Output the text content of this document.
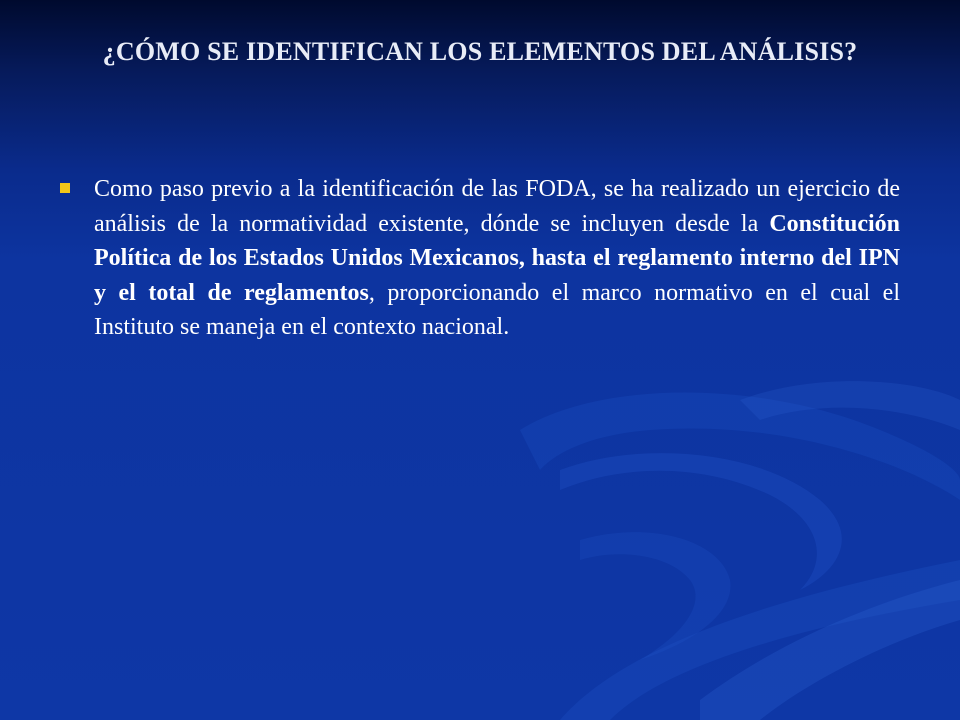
¿CÓMO SE IDENTIFICAN LOS ELEMENTOS DEL ANÁLISIS?

Como paso previo a la identificación de las FODA, se ha realizado un ejercicio de análisis de la normatividad existente, dónde se incluyen desde la Constitución Política de los Estados Unidos Mexicanos, hasta el reglamento interno del IPN y el total de reglamentos, proporcionando el marco normativo en el cual el Instituto se maneja en el contexto nacional.
